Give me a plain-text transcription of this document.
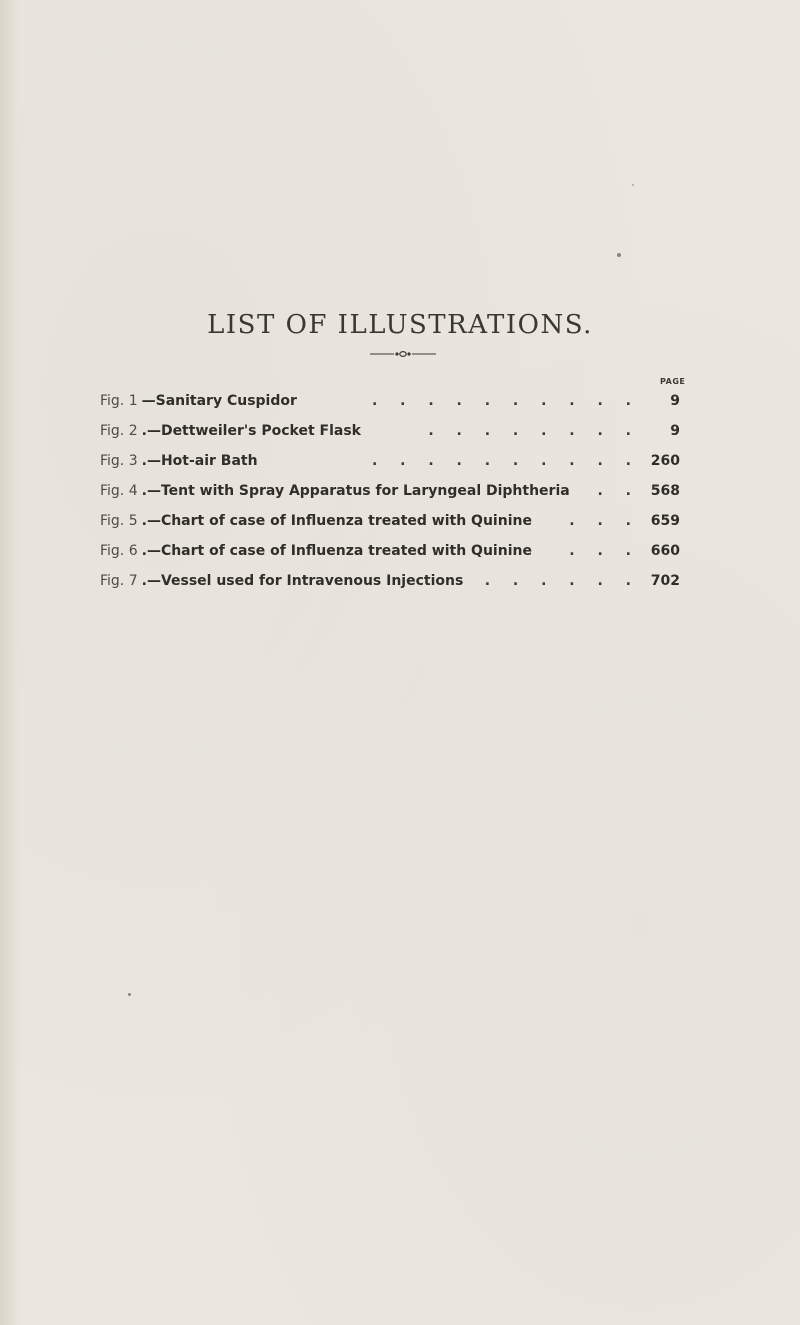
LIST OF ILLUSTRATIONS.
PAGE
Fig. 1 —Sanitary Cuspidor	. . . . . . . . . .	9
Fig. 2 .—Dettweiler's Pocket Flask	. . . . . . . .	9
Fig. 3 .—Hot-air Bath	. . . . . . . . . . 260
Fig. 4 .—Tent with Spray Apparatus for Laryngeal Diphtheria	. . 568
Fig. 5 .—Chart of case of Influenza treated with Quinine	. . . 659
Fig. 6 .—Chart of case of Influenza treated with Quinine	. . . 660
Fig. 7 .—Vessel used for Intravenous Injections	. . . . . . 702
